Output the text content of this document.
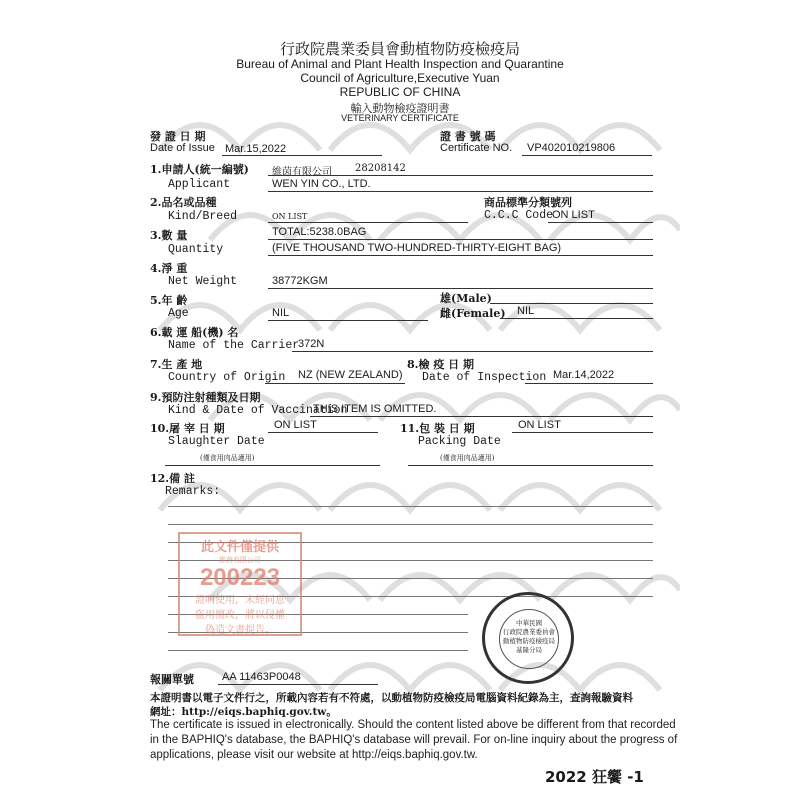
行政院農業委員會動植物防疫檢疫局
Bureau of Animal and Plant Health Inspection and Quarantine
Council of Agriculture,Executive Yuan
REPUBLIC OF CHINA
輸入動物檢疫證明書
VETERINARY CERTIFICATE
發 證 日 期
Date of Issue Mar.15,2022
證 書 號 碼
Certificate NO. VP402010219806
1.申請人(統一編號)
Applicant
維茵有限公司 28208142
WEN YIN CO., LTD.
2.品名或品種
Kind/Breed	ON LIST
商品標準分類號列
C.C.C Code
ON LIST
3.數 量
Quantity
TOTAL:5238.0BAG
(FIVE THOUSAND TWO-HUNDRED-THIRTY-EIGHT BAG)
4.淨 重
Net Weight	38772KGM
5.年 齡
Age	NIL
雄(Male)
雌(Female) NIL
6.載 運 船(機) 名
Name of the Carrier
372N
7.生 產 地
Country of Origin NZ (NEW ZEALAND)
8.檢 疫 日 期
Date of Inspection Mar.14,2022
9.預防注射種類及日期
Kind & Date of Vaccination
THIS ITEM IS OMITTED.
10.屠 宰 日 期
Slaughter Date
ON LIST
(僅食用肉品適用)
11.包 裝 日 期
Packing Date
ON LIST
(僅食用肉品適用)
12.備 註
Remarks:
此文件僅提供
維茵有限公司
200223
證明使用，未經同意
盜用擅改，將以侵權
偽造文書提告。
中華民國
行政院農業委員會
動植物防疫檢疫局
基隆分局
報關單號	AA 11463P0048
本證明書以電子文件行之，所載內容若有不符處，以動植物防疫檢疫局電腦資料紀錄為主，查詢報驗資料
網址：http://eiqs.baphiq.gov.tw。
The certificate is issued in electronically. Should the content listed above be different from that recorded
in the BAPHIQ's database, the BAPHIQ's database will prevail. For on-line inquiry about the progress of
applications, please visit our website at http://eiqs.baphiq.gov.tw.
2022 狂饗 -1
